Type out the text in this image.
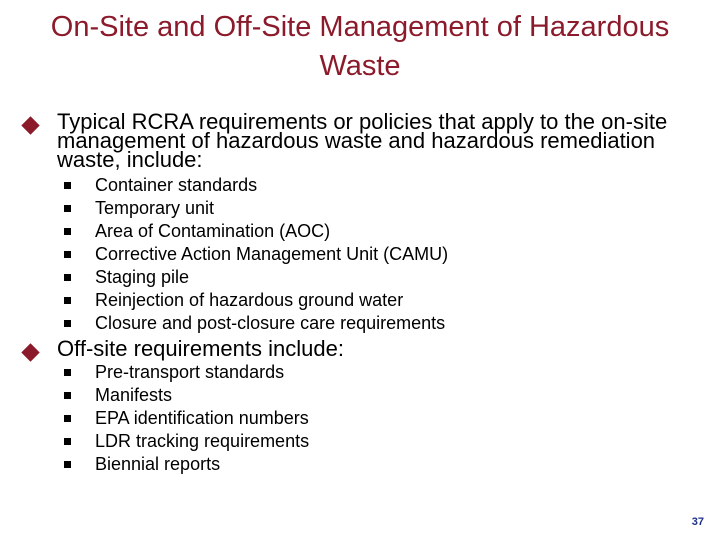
On-Site and Off-Site Management of Hazardous Waste
Typical RCRA requirements or policies that apply to the on-site management of hazardous waste and hazardous remediation waste, include:
Container standards
Temporary unit
Area of Contamination (AOC)
Corrective Action Management Unit (CAMU)
Staging pile
Reinjection of hazardous ground water
Closure and post-closure care requirements
Off-site requirements include:
Pre-transport standards
Manifests
EPA identification numbers
LDR tracking requirements
Biennial reports
37
